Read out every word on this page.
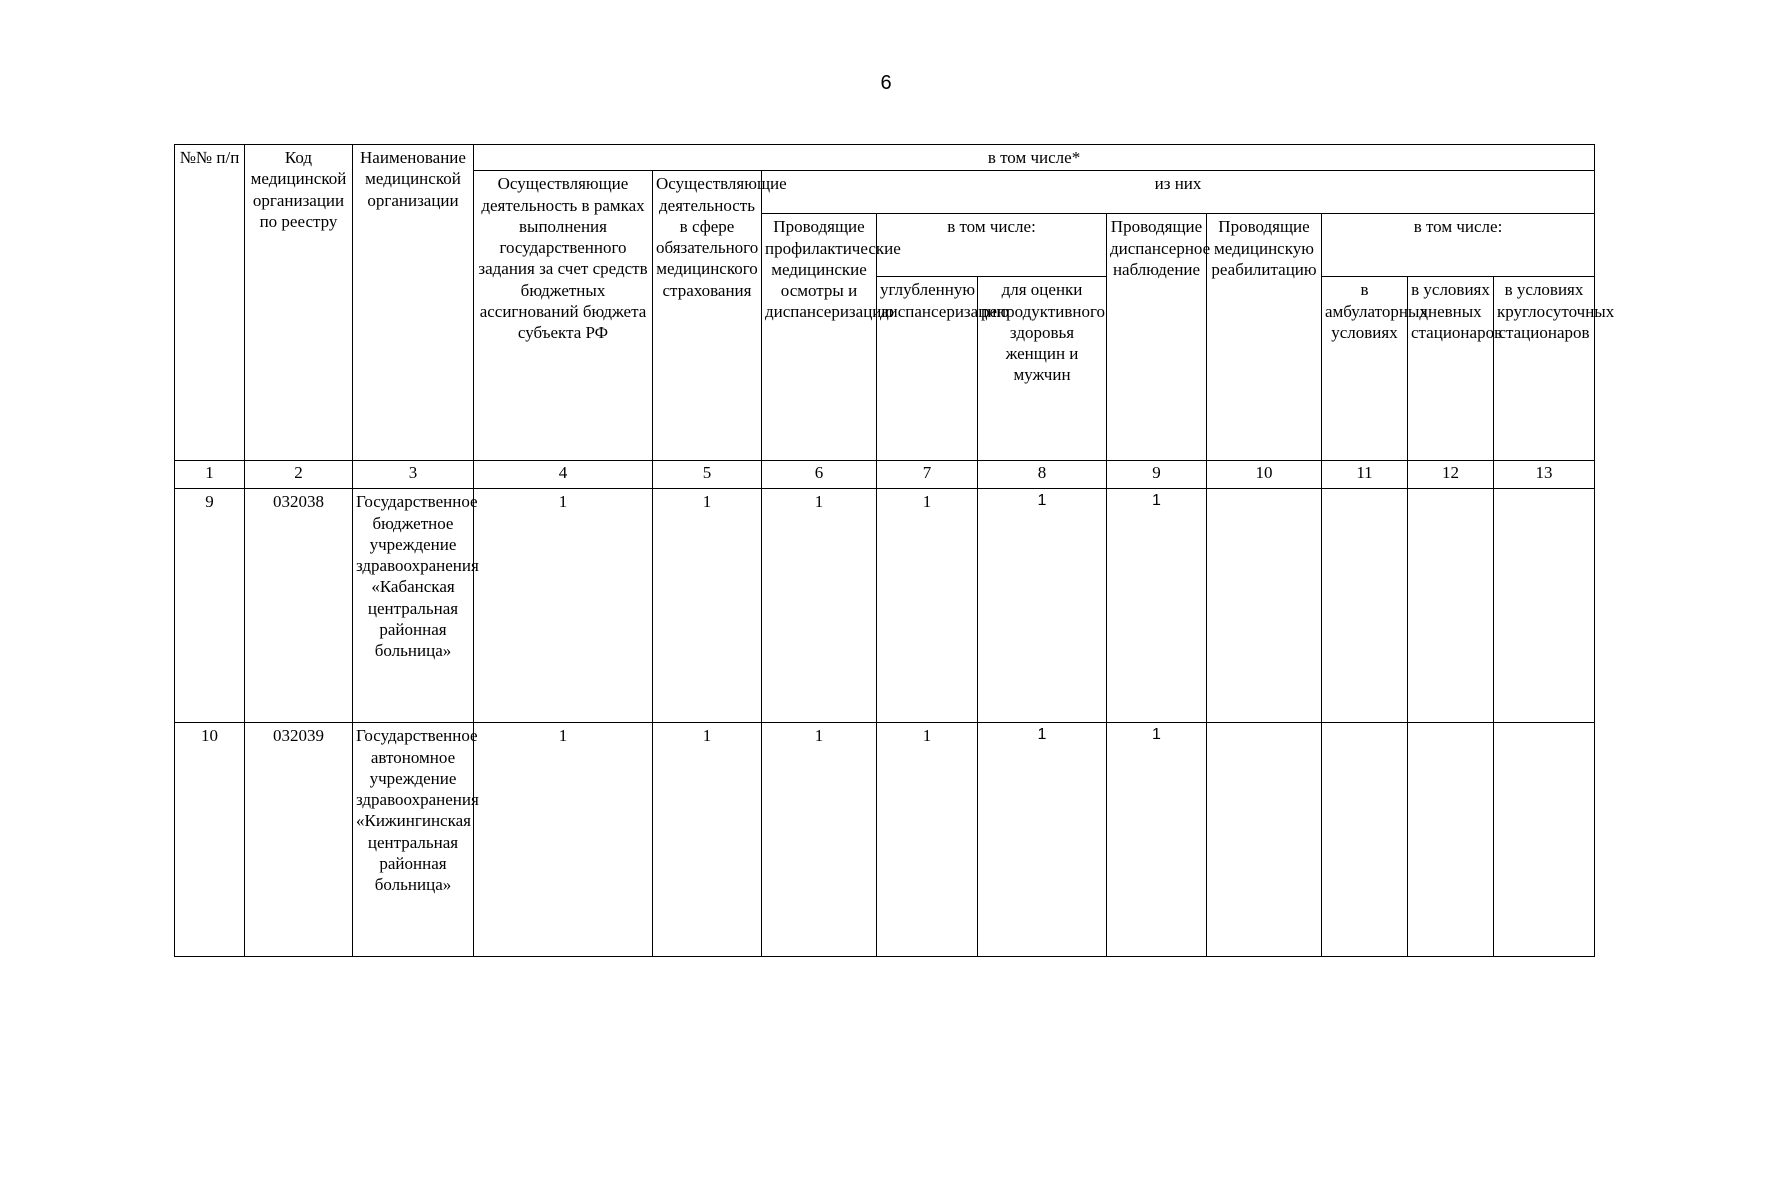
6
№№ п/п	Код медицинской организации по реестру	Наименование медицинской организации	в том числе*									

			Осуществляющие деятельность в рамках выполнения государственного задания за счет средств бюджетных ассигнований бюджета субъекта РФ	Осуществляющие деятельность в сфере обязательного медицинского страхования	из них							

					Проводящие профилактические медицинские осмотры и диспансеризацию	в том числе:		Проводящие диспансерное наблюдение	Проводящие медицинскую реабилитацию	в том числе:		

						углубленную диспансеризацию	для оценки репродуктивного здоровья женщин и мужчин			в амбулаторных условиях	в условиях дневных стационаров	в условиях круглосуточных стационаров

1	2	3	4	5	6	7	8	9	10	11	12	13
9	032038	Государственное бюджетное учреждение здравоохранения «Кабанская центральная районная больница»	1	1	1	1	1	1				
10	032039	Государственное автономное учреждение здравоохранения «Кижингинская центральная районная больница»	1	1	1	1	1	1				
